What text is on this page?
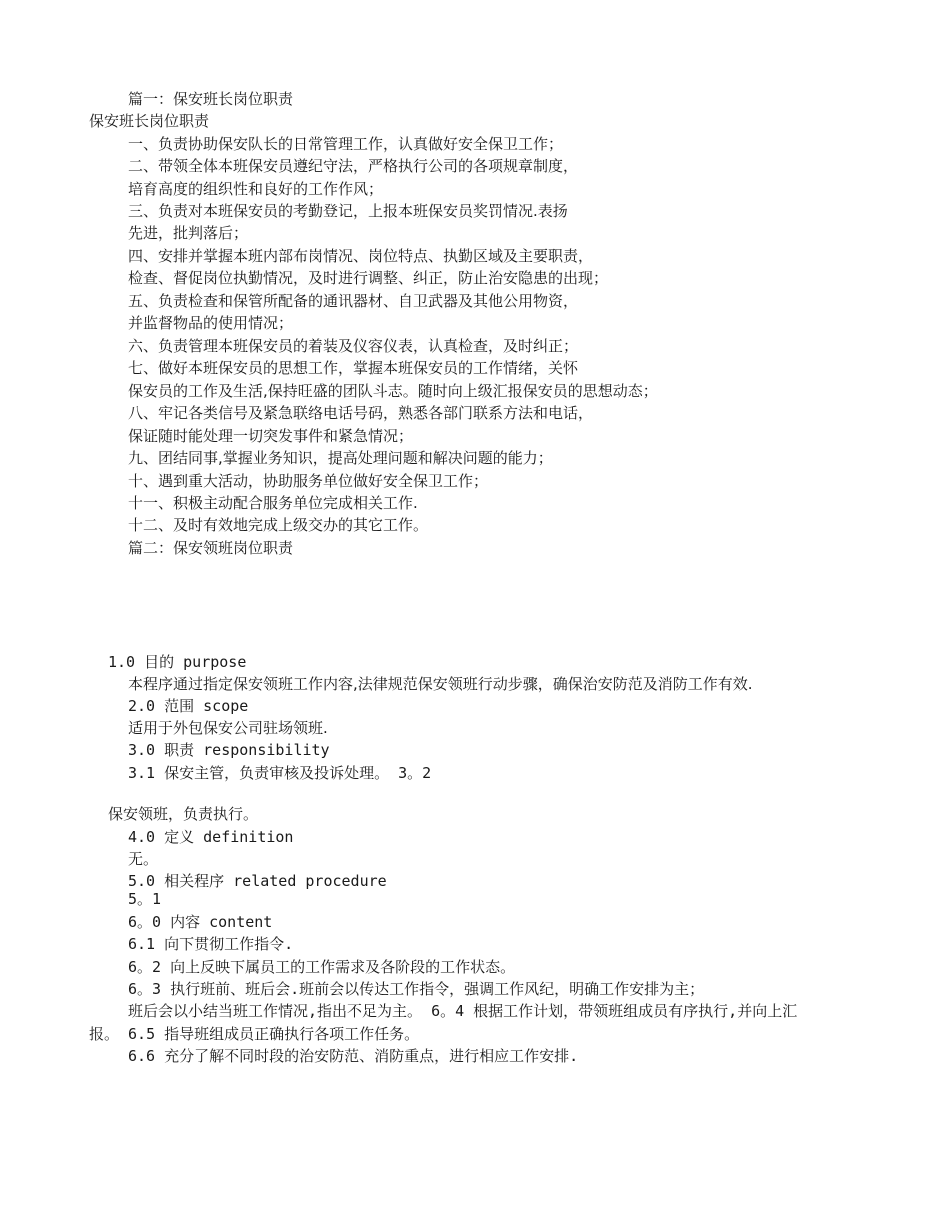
篇一：保安班长岗位职责
保安班长岗位职责
一、负责协助保安队长的日常管理工作，认真做好安全保卫工作；
二、带领全体本班保安员遵纪守法，严格执行公司的各项规章制度，
培育高度的组织性和良好的工作作风；
三、负责对本班保安员的考勤登记，上报本班保安员奖罚情况.表扬
先进，批判落后；
四、安排并掌握本班内部布岗情况、岗位特点、执勤区域及主要职责，
检查、督促岗位执勤情况，及时进行调整、纠正，防止治安隐患的出现；
五、负责检查和保管所配备的通讯器材、自卫武器及其他公用物资，
并监督物品的使用情况；
六、负责管理本班保安员的着装及仪容仪表，认真检查，及时纠正；
七、做好本班保安员的思想工作，掌握本班保安员的工作情绪，关怀
保安员的工作及生活,保持旺盛的团队斗志。随时向上级汇报保安员的思想动态；
八、牢记各类信号及紧急联络电话号码，熟悉各部门联系方法和电话，
保证随时能处理一切突发事件和紧急情况；
九、团结同事,掌握业务知识，提高处理问题和解决问题的能力；
十、遇到重大活动，协助服务单位做好安全保卫工作；
十一、积极主动配合服务单位完成相关工作.
十二、及时有效地完成上级交办的其它工作。
篇二：保安领班岗位职责
1.0 目的 purpose
本程序通过指定保安领班工作内容,法律规范保安领班行动步骤，确保治安防范及消防工作有效.
2.0 范围 scope
适用于外包保安公司驻场领班.
3.0 职责 responsibility
3.1 保安主管，负责审核及投诉处理。 3。2
保安领班，负责执行。
4.0 定义 definition
无。
5.0 相关程序 related procedure
5。1
6。0 内容 content
6.1 向下贯彻工作指令.
6。2 向上反映下属员工的工作需求及各阶段的工作状态。
6。3 执行班前、班后会.班前会以传达工作指令，强调工作风纪，明确工作安排为主；
班后会以小结当班工作情况,指出不足为主。 6。4 根据工作计划，带领班组成员有序执行,并向上汇
报。 6.5 指导班组成员正确执行各项工作任务。
6.6 充分了解不同时段的治安防范、消防重点，进行相应工作安排.
